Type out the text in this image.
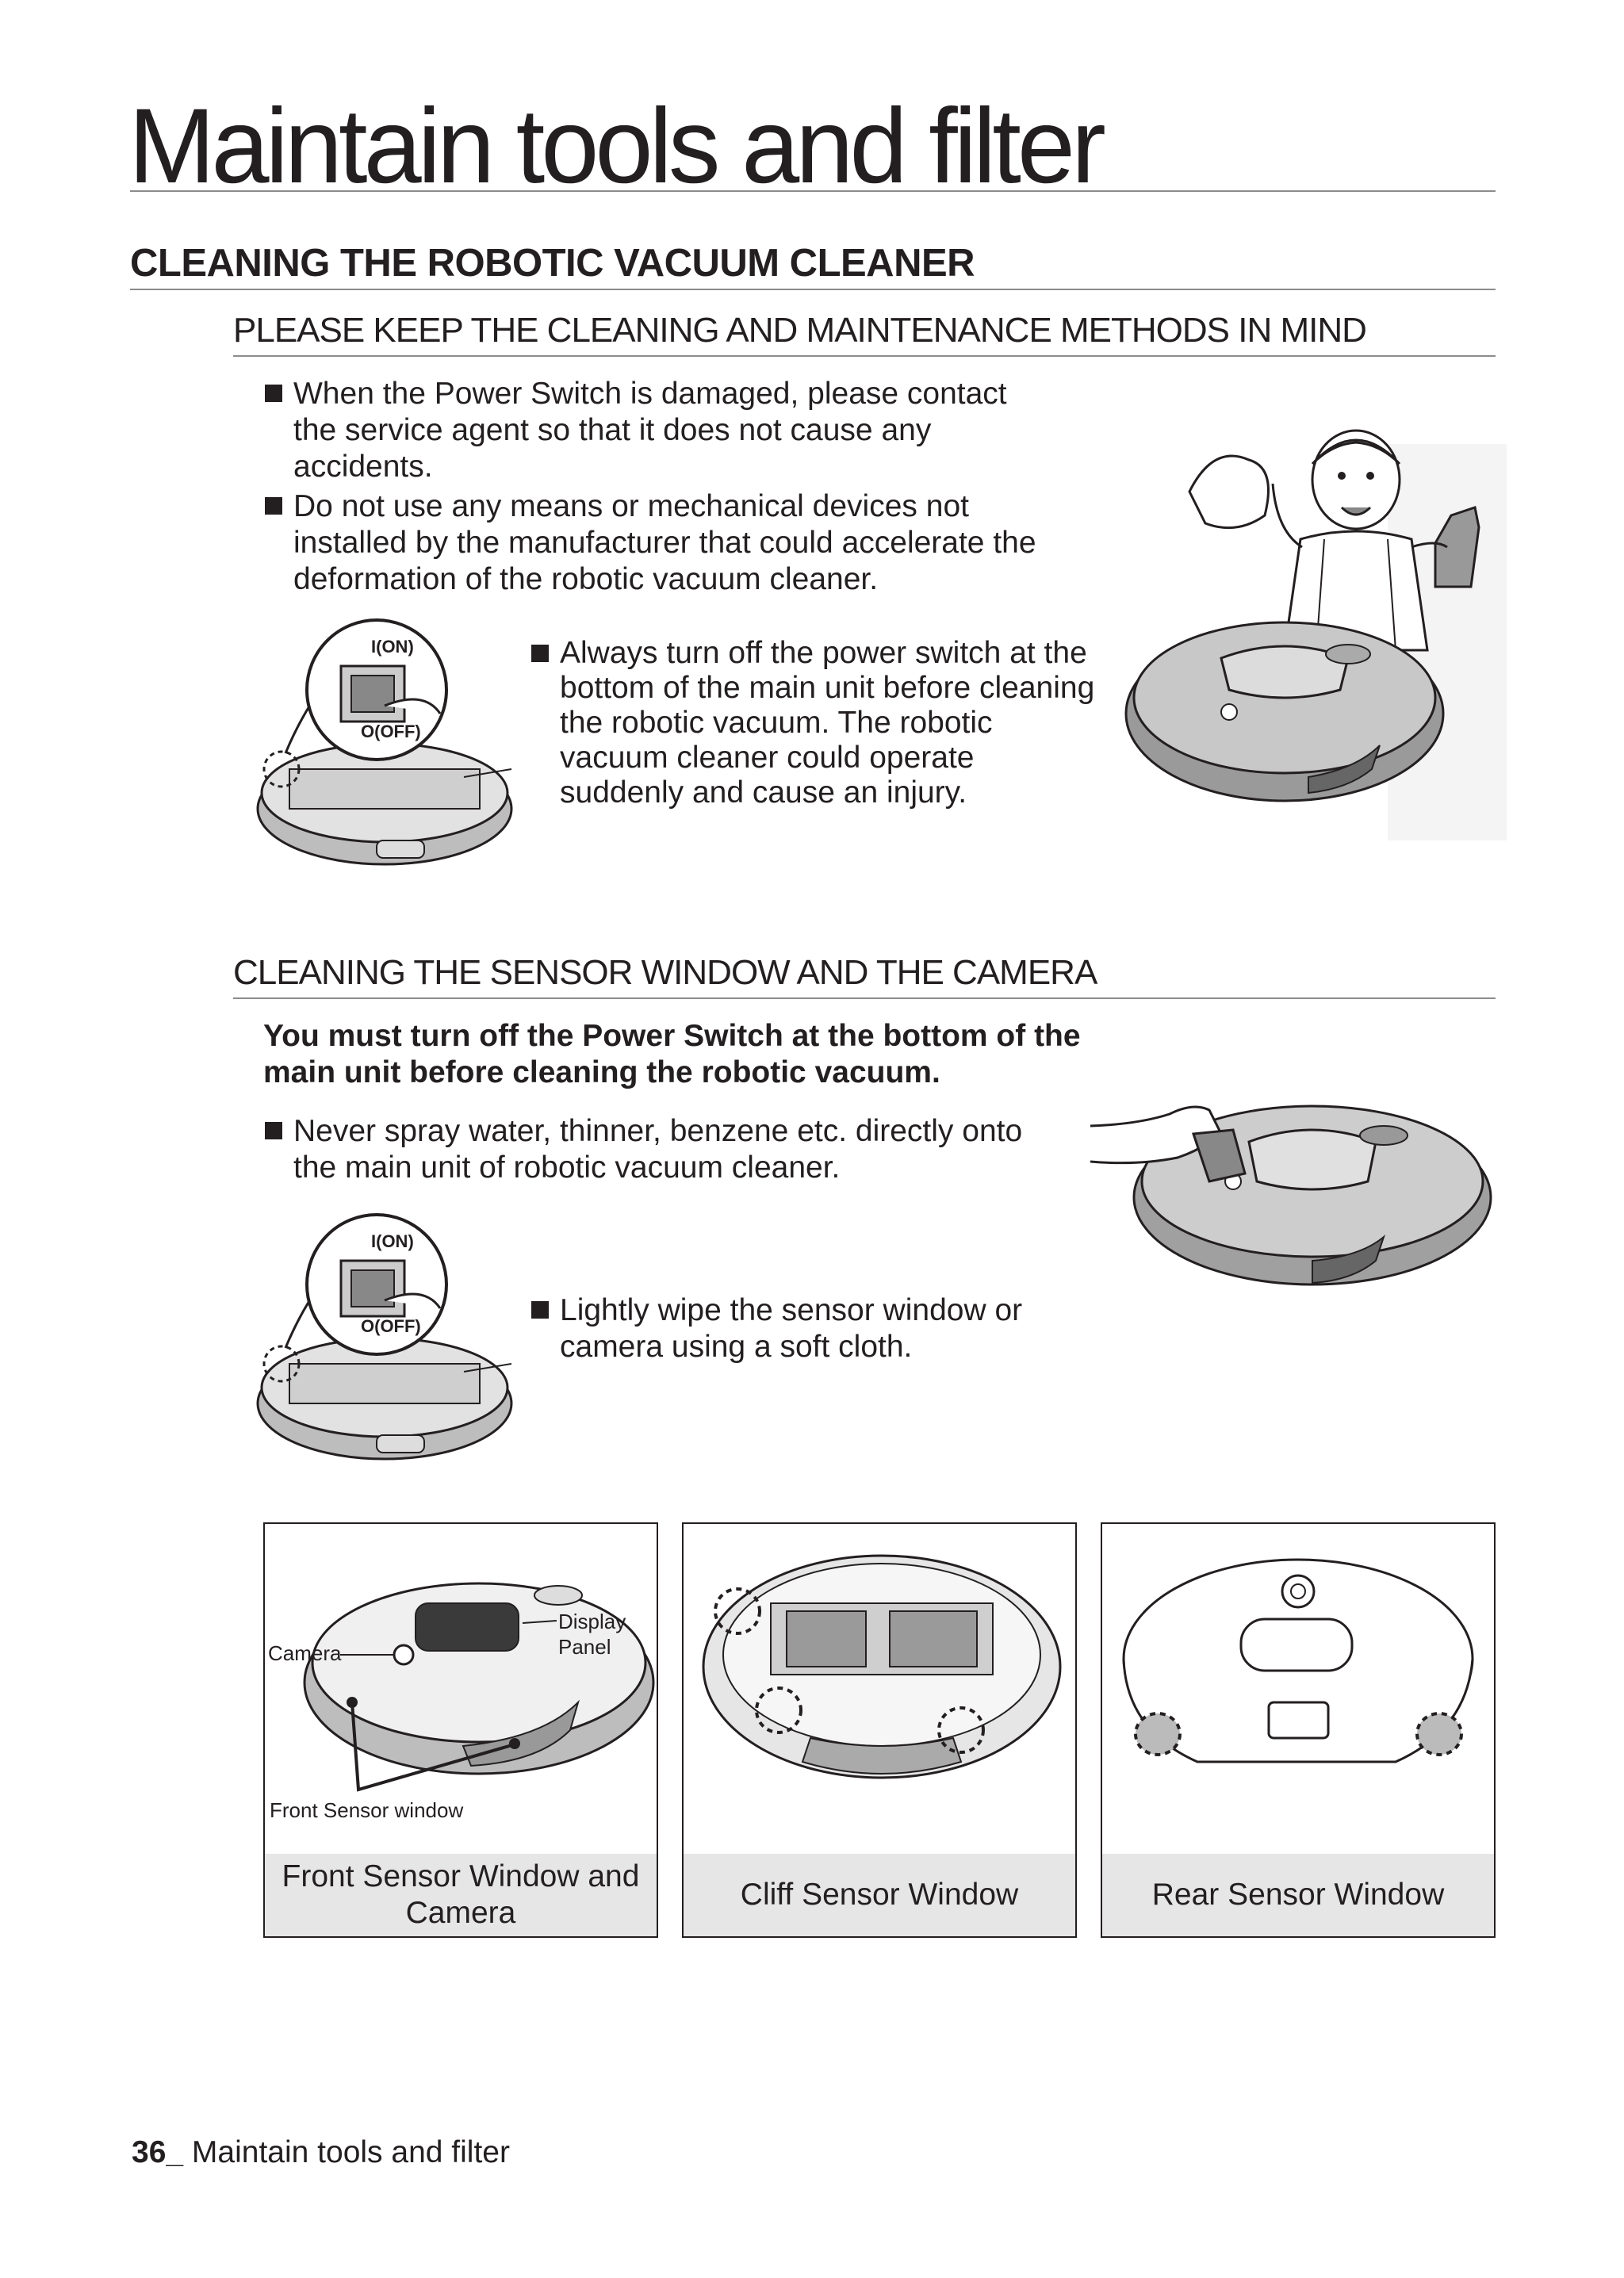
Maintain tools and filter
CLEANING THE ROBOTIC VACUUM CLEANER
PLEASE KEEP THE CLEANING AND MAINTENANCE METHODS IN MIND
When the Power Switch is damaged, please contact the service agent so that it does not cause any accidents.
Do not use any means or mechanical devices not installed by the manufacturer that could accelerate the deformation of the robotic vacuum cleaner.
I(ON)
O(OFF)
Always turn off the power switch at the bottom of the main unit before cleaning the robotic vacuum. The robotic vacuum cleaner could operate suddenly and cause an injury.
CLEANING THE SENSOR WINDOW AND THE CAMERA
You must turn off the Power Switch at the bottom of the main unit before cleaning the robotic vacuum.
Never spray water, thinner, benzene etc. directly onto the main unit of robotic vacuum cleaner.
I(ON)
O(OFF)	Lightly wipe the sensor window or camera using a soft cloth.
Camera
Display
Panel
Front Sensor window
Front Sensor Window and Camera
Cliff Sensor Window	Rear Sensor Window
36_ Maintain tools and filter
